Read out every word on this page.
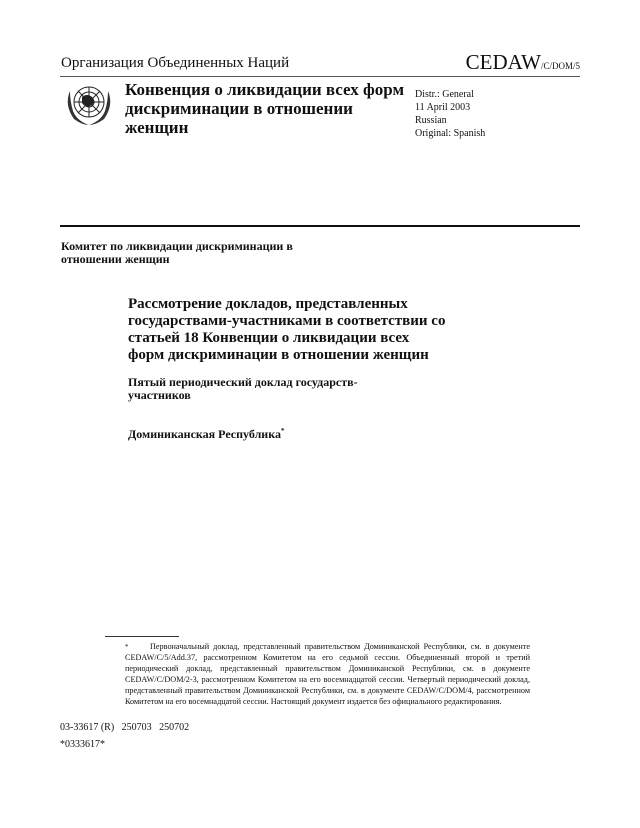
Организация Объединенных Наций	CEDAW/C/DOM/5
Конвенция о ликвидации всех форм дискриминации в отношении женщин
Distr.: General
11 April 2003
Russian
Original: Spanish
Комитет по ликвидации дискриминации в отношении женщин
Рассмотрение докладов, представленных государствами-участниками в соответствии со статьей 18 Конвенции о ликвидации всех форм дискриминации в отношении женщин
Пятый периодический доклад государств-участников
Доминиканская Республика*
*	Первоначальный доклад, представленный правительством Доминиканской Республики, см. в документе CEDAW/C/5/Add.37, рассмотренном Комитетом на его седьмой сессии. Объединенный второй и третий периодический доклад, представленный правительством Доминиканской Республики, см. в документе CEDAW/C/DOM/2-3, рассмотренном Комитетом на его восемнадцатой сессии. Четвертый периодический доклад, представленный правительством Доминиканской Республики, см. в документе CEDAW/C/DOM/4, рассмотренном Комитетом на его восемнадцатой сессии. Настоящий документ издается без официального редактирования.
03-33617 (R)   250703   250702
*0333617*
